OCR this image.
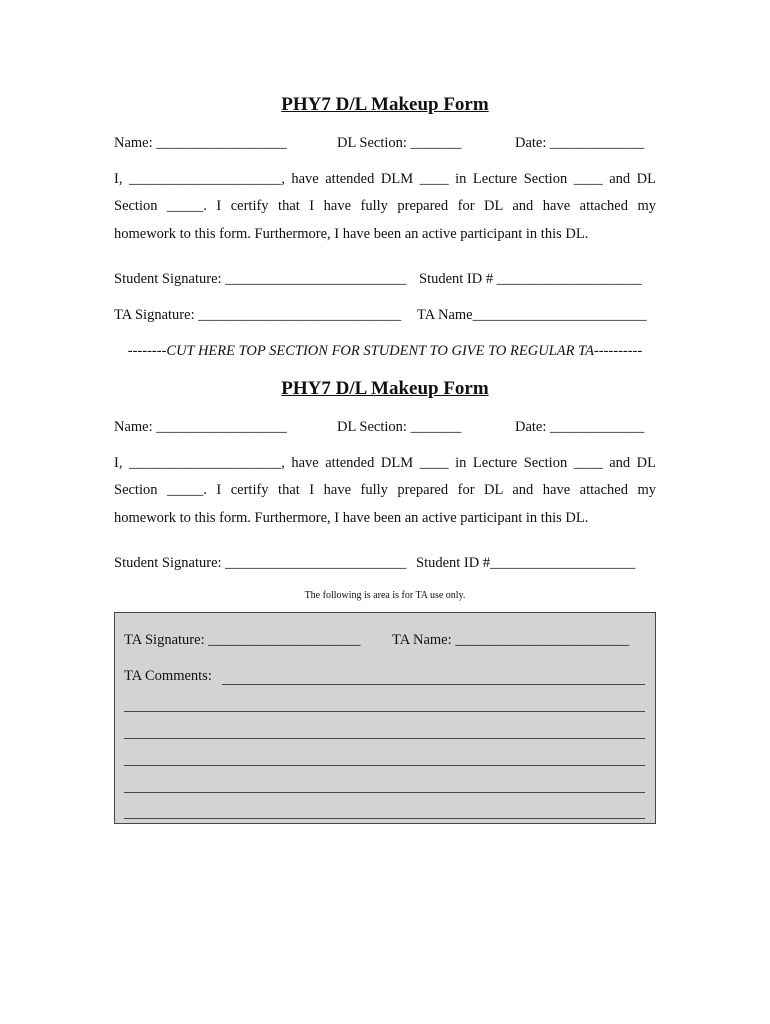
PHY7 D/L Makeup Form
Name: __________________	DL Section: _______	Date: _____________
I, _____________________, have attended DLM ____ in Lecture Section ____ and DL
Section _____. I certify that I have fully prepared for DL and have attached my
homework to this form. Furthermore, I have been an active participant in this DL.
Student Signature: _________________________ Student ID # ____________________
TA Signature: ____________________________ TA Name________________________
--------CUT HERE TOP SECTION FOR STUDENT TO GIVE TO REGULAR TA----------
PHY7 D/L Makeup Form
Name: __________________	DL Section: _______	Date: _____________
I, _____________________, have attended DLM ____ in Lecture Section ____ and DL
Section _____. I certify that I have fully prepared for DL and have attached my
homework to this form. Furthermore, I have been an active participant in this DL.
Student Signature: _________________________ Student ID #____________________
The following is area is for TA use only.
TA Signature: _____________________ TA Name: ________________________
TA Comments:
